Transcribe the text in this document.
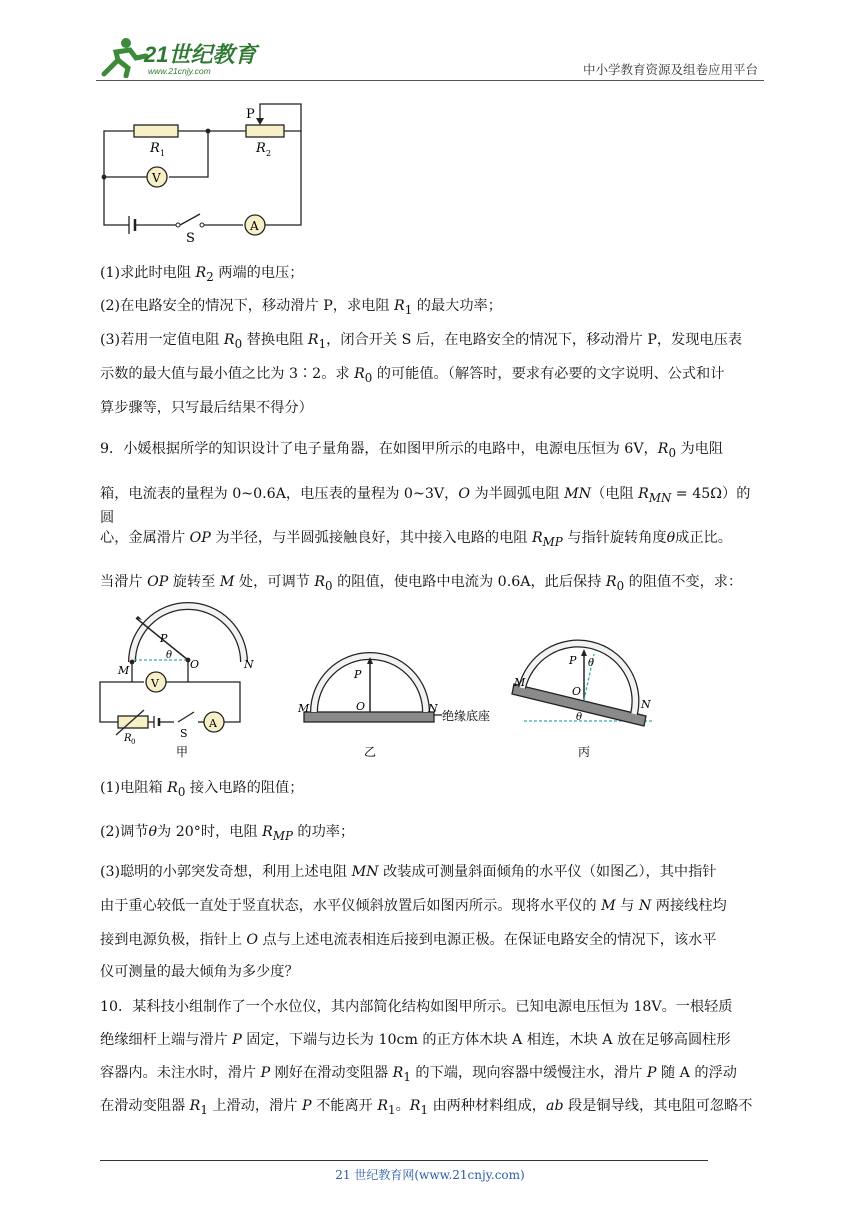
21世纪教育
www.21cnjy.com	中小学教育资源及组卷应用平台
P
R 1	R 2
V
A
S
(1)求此时电阻 $R_2$ 两端的电压；
(2)在电路安全的情况下，移动滑片 P，求电阻 $R_1$ 的最大功率；
(3)若用一定值电阻 $R_0$ 替换电阻 $R_1$，闭合开关 S 后，在电路安全的情况下，移动滑片 P，发现电压表
示数的最大值与最小值之比为 3∶2。求 $R_0$ 的可能值。（解答时，要求有必要的文字说明、公式和计
算步骤等，只写最后结果不得分）
9．小媛根据所学的知识设计了电子量角器，在如图甲所示的电路中，电源电压恒为 6V，$R_0$ 为电阻
箱，电流表的量程为 0~0.6A，电压表的量程为 0~3V，O 为半圆弧电阻 MN（电阻 $R_{MN} = 45\Omega$）的圆
心，金属滑片 OP 为半径，与半圆弧接触良好，其中接入电路的电阻 $R_{MP}$ 与指针旋转角度θ成正比。
当滑片 OP 旋转至 M 处，可调节 $R_0$ 的阻值，使电路中电流为 0.6A，此后保持 $R_0$ 的阻值不变，求：
P
θ
O
M	N
V
A
S
R 0
甲
P
O
M	N
绝缘底座
乙
P θ
O
θ
M
N
丙
(1)电阻箱 $R_0$ 接入电路的阻值；
(2)调节θ为 20°时，电阻 $R_{MP}$ 的功率；
(3)聪明的小郭突发奇想，利用上述电阻 MN 改装成可测量斜面倾角的水平仪（如图乙），其中指针
由于重心较低一直处于竖直状态，水平仪倾斜放置后如图丙所示。现将水平仪的 M 与 N 两接线柱均
接到电源负极，指针上 O 点与上述电流表相连后接到电源正极。在保证电路安全的情况下，该水平
仪可测量的最大倾角为多少度？
10．某科技小组制作了一个水位仪，其内部简化结构如图甲所示。已知电源电压恒为 18V。一根轻质
绝缘细杆上端与滑片 P 固定，下端与边长为 10cm 的正方体木块 A 相连，木块 A 放在足够高圆柱形
容器内。未注水时，滑片 P 刚好在滑动变阻器 $R_1$ 的下端，现向容器中缓慢注水，滑片 P 随 A 的浮动
在滑动变阻器 $R_1$ 上滑动，滑片 P 不能离开 $R_1$。$R_1$ 由两种材料组成，ab 段是铜导线，其电阻可忽略不
21 世纪教育网(www.21cnjy.com)
